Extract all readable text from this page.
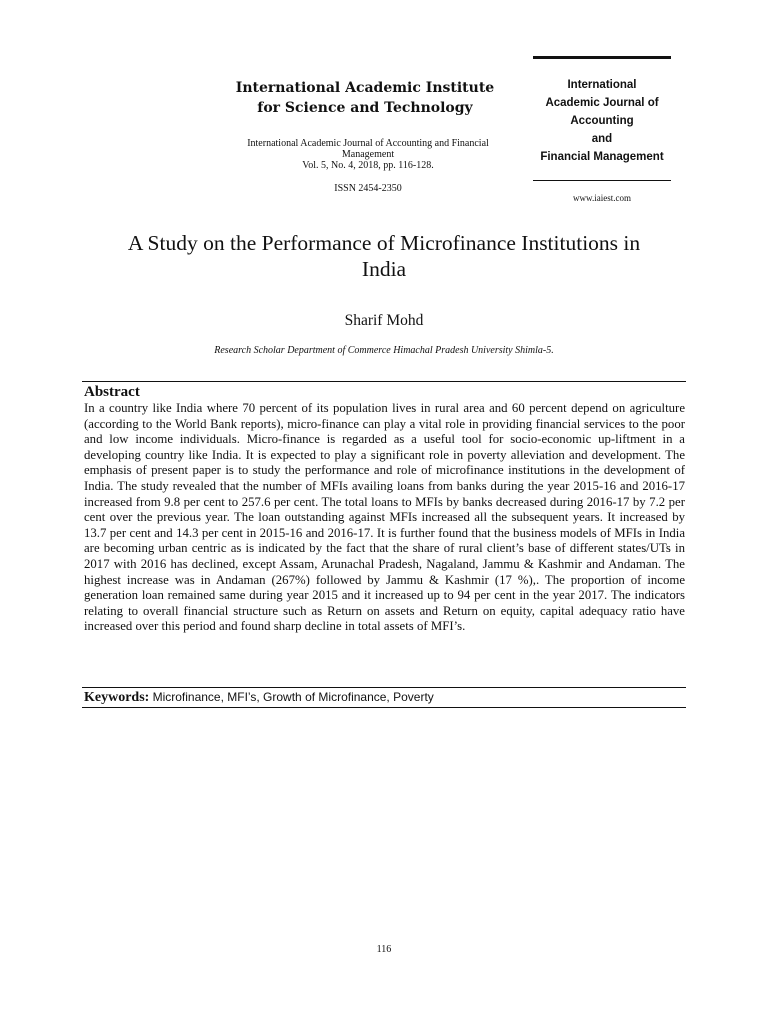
International Academic Institute
for Science and Technology
International Academic Journal of Accounting and Financial
Management
Vol. 5, No. 4, 2018, pp. 116-128.
ISSN 2454-2350
International
Academic Journal of
Accounting
and
Financial Management
www.iaiest.com
A Study on the Performance of Microfinance Institutions in
India
Sharif Mohd
Research Scholar Department of Commerce Himachal Pradesh University Shimla-5.
Abstract
In a country like India where 70 percent of its population lives in rural area and 60 percent depend on agriculture (according to the World Bank reports), micro-finance can play a vital role in providing financial services to the poor and low income individuals. Micro-finance is regarded as a useful tool for socio-economic up-liftment in a developing country like India. It is expected to play a significant role in poverty alleviation and development. The emphasis of present paper is to study the performance and role of microfinance institutions in the development of India. The study revealed that the number of MFIs availing loans from banks during the year 2015-16 and 2016-17 increased from 9.8 per cent to 257.6 per cent. The total loans to MFIs by banks decreased during 2016-17 by 7.2 per cent over the previous year. The loan outstanding against MFIs increased all the subsequent years. It increased by 13.7 per cent and 14.3 per cent in 2015-16 and 2016-17. It is further found that the business models of MFIs in India are becoming urban centric as is indicated by the fact that the share of rural client’s base of different states/UTs in 2017 with 2016 has declined, except Assam, Arunachal Pradesh, Nagaland, Jammu & Kashmir and Andaman. The highest increase was in Andaman (267%) followed by Jammu & Kashmir (17 %),. The proportion of income generation loan remained same during year 2015 and it increased up to 94 per cent in the year 2017. The indicators relating to overall financial structure such as Return on assets and Return on equity, capital adequacy ratio have increased over this period and found sharp decline in total assets of MFI’s.
Keywords: Microfinance, MFI’s, Growth of Microfinance, Poverty
116
